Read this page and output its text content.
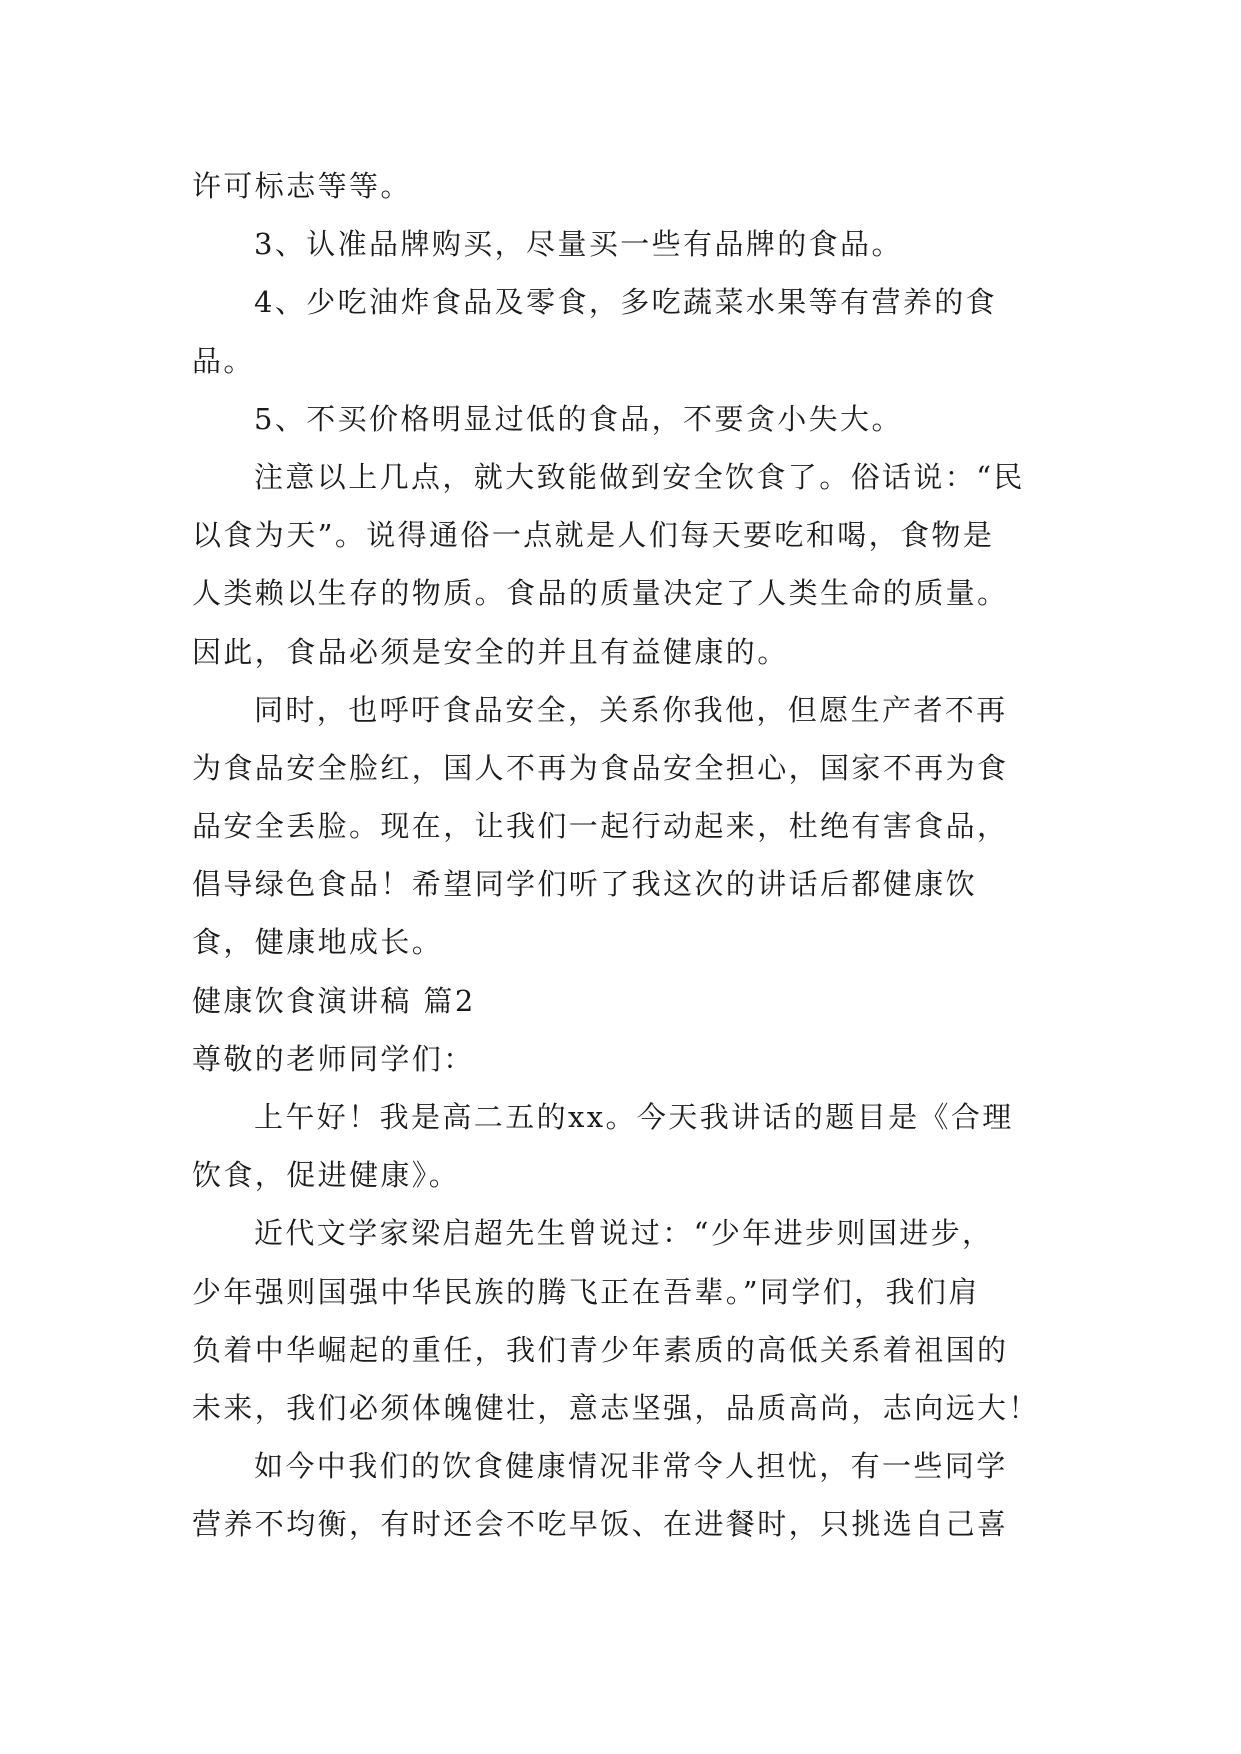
许可标志等等。
3、认准品牌购买，尽量买一些有品牌的食品。
4、少吃油炸食品及零食，多吃蔬菜水果等有营养的食
品。
5、不买价格明显过低的食品，不要贪小失大。
注意以上几点，就大致能做到安全饮食了。俗话说：“民
以食为天”。说得通俗一点就是人们每天要吃和喝，食物是
人类赖以生存的物质。食品的质量决定了人类生命的质量。
因此，食品必须是安全的并且有益健康的。
同时，也呼吁食品安全，关系你我他，但愿生产者不再
为食品安全脸红，国人不再为食品安全担心，国家不再为食
品安全丢脸。现在，让我们一起行动起来，杜绝有害食品，
倡导绿色食品！希望同学们听了我这次的讲话后都健康饮
食，健康地成长。
健康饮食演讲稿 篇2
尊敬的老师同学们：
上午好！我是高二五的xx。今天我讲话的题目是《合理
饮食，促进健康》。
近代文学家梁启超先生曾说过：“少年进步则国进步，
少年强则国强中华民族的腾飞正在吾辈。”同学们，我们肩
负着中华崛起的重任，我们青少年素质的高低关系着祖国的
未来，我们必须体魄健壮，意志坚强，品质高尚，志向远大！
如今中我们的饮食健康情况非常令人担忧，有一些同学
营养不均衡，有时还会不吃早饭、在进餐时，只挑选自己喜
